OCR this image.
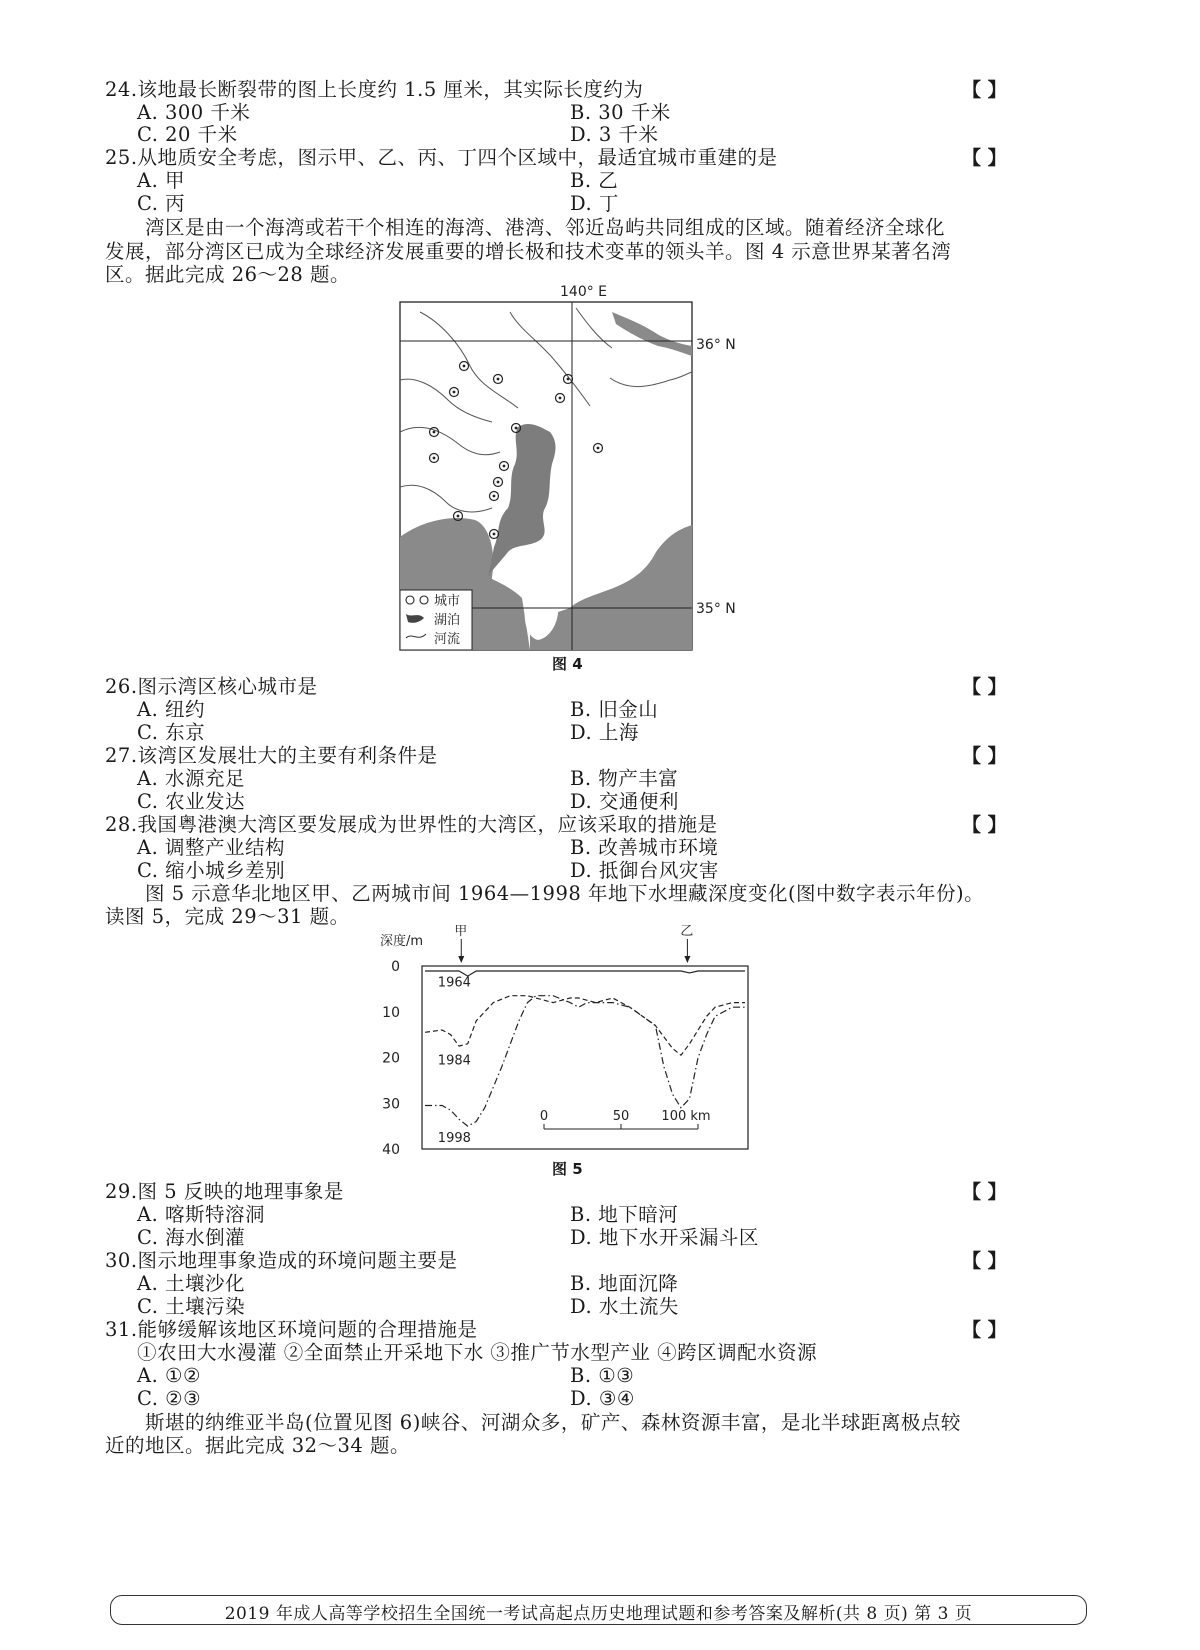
24.该地最长断裂带的图上长度约 1.5 厘米，其实际长度约为	【 】
A. 300 千米	B. 30 千米
C. 20 千米	D. 3 千米
25.从地质安全考虑，图示甲、乙、丙、丁四个区域中，最适宜城市重建的是	【 】
A. 甲	B. 乙
C. 丙	D. 丁
湾区是由一个海湾或若干个相连的海湾、港湾、邻近岛屿共同组成的区域。随着经济全球化
发展，部分湾区已成为全球经济发展重要的增长极和技术变革的领头羊。图 4 示意世界某著名湾
区。据此完成 26～28 题。
140° E
36° N
35° N
城市
湖泊
河流
图 4
26.图示湾区核心城市是	【 】
A. 纽约	B. 旧金山
C. 东京	D. 上海
27.该湾区发展壮大的主要有利条件是	【 】
A. 水源充足	B. 物产丰富
C. 农业发达	D. 交通便利
28.我国粤港澳大湾区要发展成为世界性的大湾区，应该采取的措施是	【 】
A. 调整产业结构	B. 改善城市环境
C. 缩小城乡差别	D. 抵御台风灾害
图 5 示意华北地区甲、乙两城市间 1964—1998 年地下水埋藏深度变化(图中数字表示年份)。
读图 5，完成 29～31 题。
深度/m
0
10
20
30
40
甲	乙
1964
1984
1998
0	50 100 km
图 5
29.图 5 反映的地理事象是	【 】
A. 喀斯特溶洞	B. 地下暗河
C. 海水倒灌	D. 地下水开采漏斗区
30.图示地理事象造成的环境问题主要是	【 】
A. 土壤沙化	B. 地面沉降
C. 土壤污染	D. 水土流失
31.能够缓解该地区环境问题的合理措施是	【 】
①农田大水漫灌 ②全面禁止开采地下水 ③推广节水型产业 ④跨区调配水资源
A. ①②	B. ①③
C. ②③	D. ③④
斯堪的纳维亚半岛(位置见图 6)峡谷、河湖众多，矿产、森林资源丰富，是北半球距离极点较
近的地区。据此完成 32～34 题。
2019 年成人高等学校招生全国统一考试高起点历史地理试题和参考答案及解析(共 8 页) 第 3 页
